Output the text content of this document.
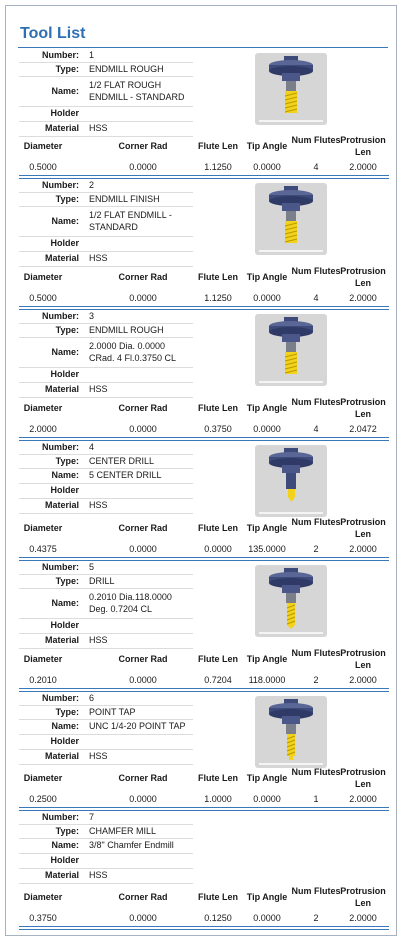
Tool List
Number: 1
Type: ENDMILL ROUGH
Name:
1/2 FLAT ROUGH ENDMILL - STANDARD
Holder
Material HSS
Diameter
0.5000
Corner Rad
0.0000
Flute Len
1.1250
Tip Angle
0.0000
Num Flutes
4
Protrusion Len
2.0000
Number: 2
Type: ENDMILL FINISH
Name:
1/2 FLAT ENDMILL - STANDARD
Holder
Material HSS
Diameter
0.5000
Corner Rad
0.0000
Flute Len
1.1250
Tip Angle
0.0000
Num Flutes
4
Protrusion Len
2.0000
Number: 3
Type: ENDMILL ROUGH
Name:
2.0000 Dia. 0.0000 CRad. 4 Fl.0.3750 CL
Holder
Material HSS
Diameter
2.0000
Corner Rad
0.0000
Flute Len
0.3750
Tip Angle
0.0000
Num Flutes
4
Protrusion Len
2.0472
Number: 4
Type: CENTER DRILL
Name: 5 CENTER DRILL
Holder
Material HSS
Diameter
0.4375
Corner Rad
0.0000
Flute Len
0.0000
Tip Angle
135.0000
Num Flutes
2
Protrusion Len
2.0000
Number: 5
Type: DRILL
Name:
0.2010 Dia.118.0000 Deg. 0.7204 CL
Holder
Material HSS
Diameter
0.2010
Corner Rad
0.0000
Flute Len
0.7204
Tip Angle
118.0000
Num Flutes
2
Protrusion Len
2.0000
Number: 6
Type: POINT TAP
Name: UNC 1/4-20 POINT TAP
Holder
Material HSS
Diameter
0.2500
Corner Rad
0.0000
Flute Len
1.0000
Tip Angle
0.0000
Num Flutes
1
Protrusion Len
2.0000
Number: 7
Type: CHAMFER MILL
Name: 3/8" Chamfer Endmill
Holder
Material HSS
Diameter
0.3750
Corner Rad
0.0000
Flute Len
0.1250
Tip Angle
0.0000
Num Flutes
2
Protrusion Len
2.0000
